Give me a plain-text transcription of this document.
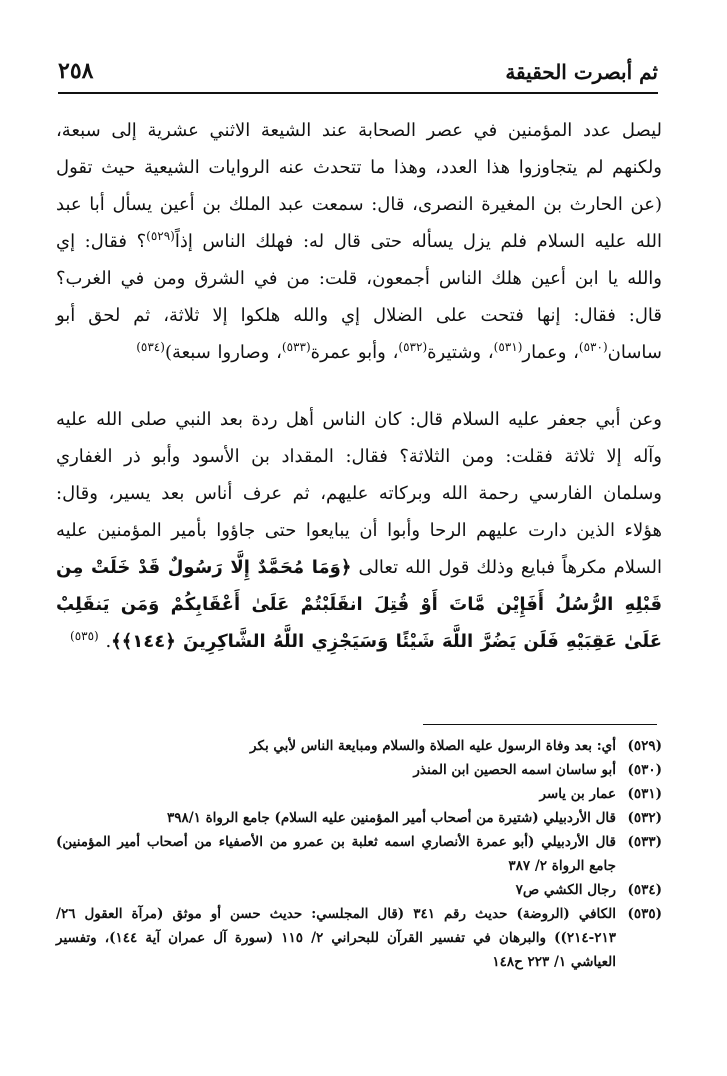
٢٥٨	ثم أبصرت الحقيقة

ليصل عدد المؤمنين في عصر الصحابة عند الشيعة الاثني عشرية إلى سبعة، ولكنهم لم يتجاوزوا هذا العدد، وهذا ما تتحدث عنه الروايات الشيعية حيث تقول (عن الحارث بن المغيرة النصرى، قال: سمعت عبد الملك بن أعين يسأل أبا عبد الله عليه السلام فلم يزل يسأله حتى قال له: فهلك الناس إذاً$^{(٥٢٩)}$؟ فقال: إي والله يا ابن أعين هلك الناس أجمعون، قلت: من في الشرق ومن في الغرب؟ قال: فقال: إنها فتحت على الضلال إي والله هلكوا إلا ثلاثة، ثم لحق أبو ساسان$^{(٥٣٠)}$، وعمار$^{(٥٣١)}$، وشتيرة$^{(٥٣٢)}$، وأبو عمرة$^{(٥٣٣)}$، وصاروا سبعة)$^{(٥٣٤)}$

وعن أبي جعفر عليه السلام قال: كان الناس أهل ردة بعد النبي صلى الله عليه وآله إلا ثلاثة فقلت: ومن الثلاثة؟ فقال: المقداد بن الأسود وأبو ذر الغفاري وسلمان الفارسي رحمة الله وبركاته عليهم، ثم عرف أناس بعد يسير، وقال: هؤلاء الذين دارت عليهم الرحا وأبوا أن يبايعوا حتى جاؤوا بأمير المؤمنين عليه السلام مكرهاً فبايع وذلك قول الله تعالى ﴿وَمَا مُحَمَّدٌ إِلَّا رَسُولٌ قَدْ خَلَتْ مِن قَبْلِهِ الرُّسُلُ أَفَإِيْن مَّاتَ أَوْ قُتِلَ انقَلَبْتُمْ عَلَىٰ أَعْقَابِكُمْ وَمَن يَنقَلِبْ عَلَىٰ عَقِبَيْهِ فَلَن يَضُرَّ اللَّهَ شَيْئًا وَسَيَجْزِي اللَّهُ الشَّاكِرِينَ ﴿١٤٤﴾﴾. $^{(٥٣٥)}$

(٥٢٩)
أي: بعد وفاة الرسول عليه الصلاة والسلام ومبايعة الناس لأبي بكر
(٥٣٠)
أبو ساسان اسمه الحصين ابن المنذر
(٥٣١)
عمار بن ياسر
(٥٣٢)
قال الأردبيلي (شتيرة من أصحاب أمير المؤمنين عليه السلام) جامع الرواة ٣٩٨/١
(٥٣٣)
قال الأردبيلي (أبو عمرة الأنصاري اسمه ثعلبة بن عمرو من الأصفياء من أصحاب أمير المؤمنين) جامع الرواة ٢/ ٣٨٧
(٥٣٤)
رجال الكشي ص٧
(٥٣٥)
الكافي (الروضة) حديث رقم ٣٤١ (قال المجلسي: حديث حسن أو موثق (مرآة العقول ٢٦/ ٢١٣-٢١٤)) والبرهان في تفسير القرآن للبحراني ٢/ ١١٥ (سورة آل عمران آية ١٤٤)، وتفسير العياشي ١/ ٢٢٣ ح١٤٨
